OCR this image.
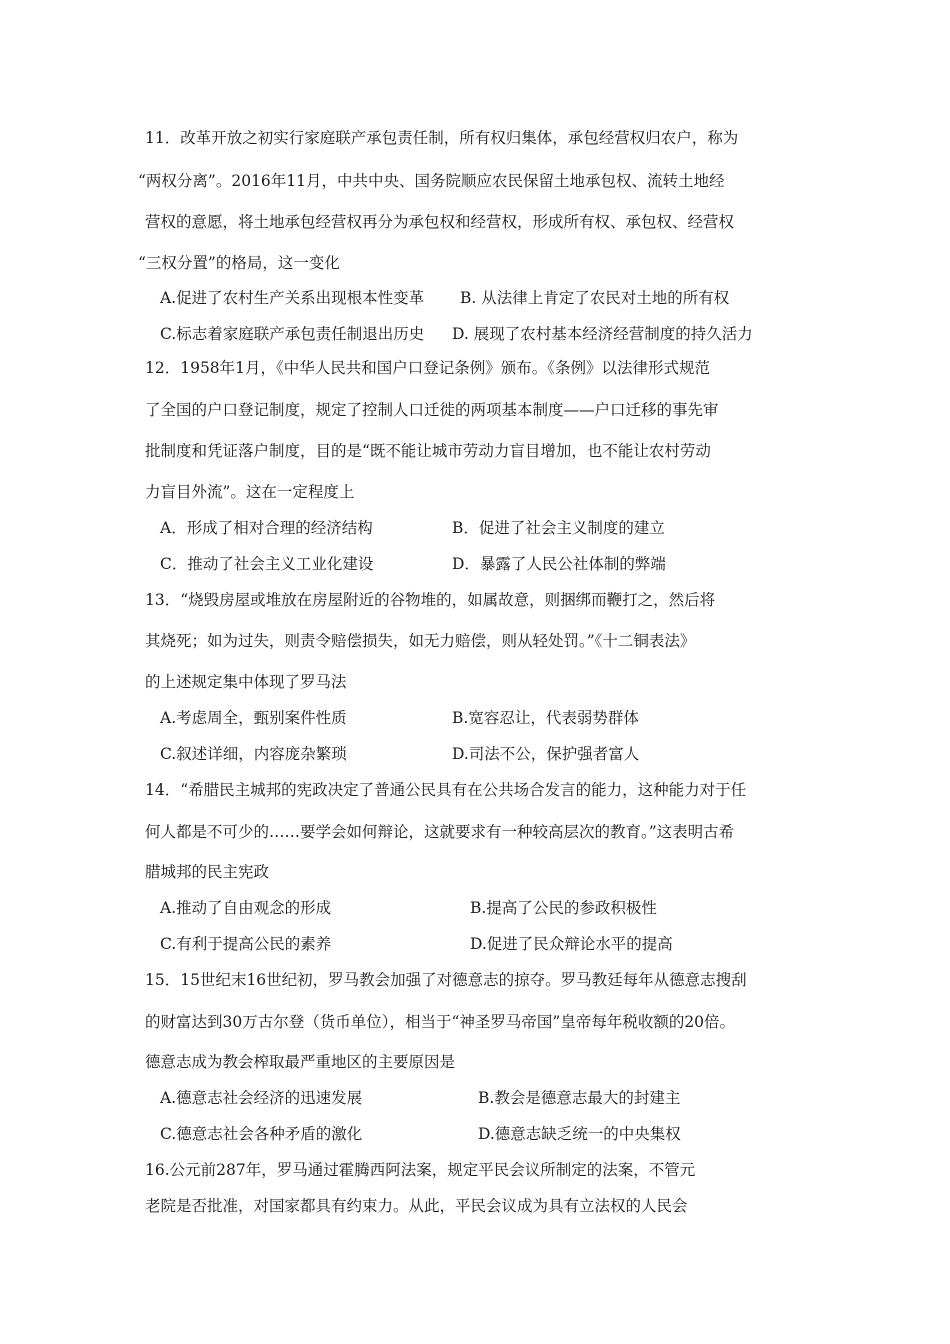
11．改革开放之初实行家庭联产承包责任制，所有权归集体，承包经营权归农户，称为
“两权分离”。2016年11月，中共中央、国务院顺应农民保留土地承包权、流转土地经
营权的意愿，将土地承包经营权再分为承包权和经营权，形成所有权、承包权、经营权
“三权分置”的格局，这一变化
A.促进了农村生产关系出现根本性变革 B. 从法律上肯定了农民对土地的所有权
C.标志着家庭联产承包责任制退出历史 D. 展现了农村基本经济经营制度的持久活力
12．1958年1月，《中华人民共和国户口登记条例》颁布。《条例》以法律形式规范
了全国的户口登记制度，规定了控制人口迁徙的两项基本制度——户口迁移的事先审
批制度和凭证落户制度，目的是“既不能让城市劳动力盲目增加，也不能让农村劳动
力盲目外流”。这在一定程度上
A．形成了相对合理的经济结构	B．促进了社会主义制度的建立
C．推动了社会主义工业化建设	D．暴露了人民公社体制的弊端
13．“烧毁房屋或堆放在房屋附近的谷物堆的，如属故意，则捆绑而鞭打之，然后将
其烧死；如为过失，则责令赔偿损失，如无力赔偿，则从轻处罚。”《十二铜表法》
的上述规定集中体现了罗马法
A.考虑周全，甄别案件性质	B.宽容忍让，代表弱势群体
C.叙述详细，内容庞杂繁琐	D.司法不公，保护强者富人
14．“希腊民主城邦的宪政决定了普通公民具有在公共场合发言的能力，这种能力对于任
何人都是不可少的……要学会如何辩论，这就要求有一种较高层次的教育。”这表明古希
腊城邦的民主宪政
A.推动了自由观念的形成	B.提高了公民的参政积极性
C.有利于提高公民的素养	D.促进了民众辩论水平的提高
15．15世纪末16世纪初，罗马教会加强了对德意志的掠夺。罗马教廷每年从德意志搜刮
的财富达到30万古尔登（货币单位），相当于“神圣罗马帝国”皇帝每年税收额的20倍。
德意志成为教会榨取最严重地区的主要原因是
A.德意志社会经济的迅速发展	B.教会是德意志最大的封建主
C.德意志社会各种矛盾的激化	D.德意志缺乏统一的中央集权
16.公元前287年，罗马通过霍腾西阿法案，规定平民会议所制定的法案，不管元
老院是否批准，对国家都具有约束力。从此，平民会议成为具有立法权的人民会
